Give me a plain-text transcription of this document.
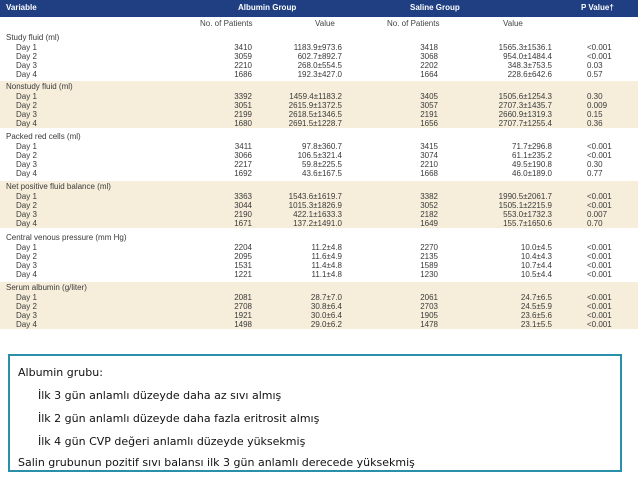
Variable	Albumin Group	Saline Group	P Value†
No. of Patients	Value	No. of Patients	Value
Study fluid (ml)
Day 1	3410	1183.9±973.6	3418	1565.3±1536.1	<0.001
Day 2	3059	602.7±892.7	3068	954.0±1484.4	<0.001
Day 3	2210	268.0±554.5	2202	348.3±753.5	0.03
Day 4	1686	192.3±427.0	1664	228.6±642.6	0.57
Nonstudy fluid (ml)
Day 1	3392	1459.4±1183.2	3405	1505.6±1254.3	0.30
Day 2	3051	2615.9±1372.5	3057	2707.3±1435.7	0.009
Day 3	2199	2618.5±1346.5	2191	2660.9±1319.3	0.15
Day 4	1680	2691.5±1228.7	1656	2707.7±1255.4	0.36
Packed red cells (ml)
Day 1	3411	97.8±360.7	3415	71.7±296.8	<0.001
Day 2	3066	106.5±321.4	3074	61.1±235.2	<0.001
Day 3	2217	59.8±225.5	2210	49.5±190.8	0.30
Day 4	1692	43.6±167.5	1668	46.0±189.0	0.77
Net positive fluid balance (ml)
Day 1	3363	1543.6±1619.7	3382	1990.5±2061.7	<0.001
Day 2	3044	1015.3±1826.9	3052	1505.1±2215.9	<0.001
Day 3	2190	422.1±1633.3	2182	553.0±1732.3	0.007
Day 4	1671	137.2±1491.0	1649	155.7±1650.6	0.70
Central venous pressure (mm Hg)
Day 1	2204	11.2±4.8	2270	10.0±4.5	<0.001
Day 2	2095	11.6±4.9	2135	10.4±4.3	<0.001
Day 3	1531	11.4±4.8	1589	10.7±4.4	<0.001
Day 4	1221	11.1±4.8	1230	10.5±4.4	<0.001
Serum albumin (g/liter)
Day 1	2081	28.7±7.0	2061	24.7±6.5	<0.001
Day 2	2708	30.8±6.4	2703	24.5±5.9	<0.001
Day 3	1921	30.0±6.4	1905	23.6±5.6	<0.001
Day 4	1498	29.0±6.2	1478	23.1±5.5	<0.001
Albumin grubu:
İlk 3 gün anlamlı düzeyde daha az sıvı almış
İlk 2 gün anlamlı düzeyde daha fazla eritrosit almış
İlk 4 gün CVP değeri anlamlı düzeyde yüksekmiş
Salin grubunun pozitif sıvı balansı ilk 3 gün anlamlı derecede yüksekmiş
